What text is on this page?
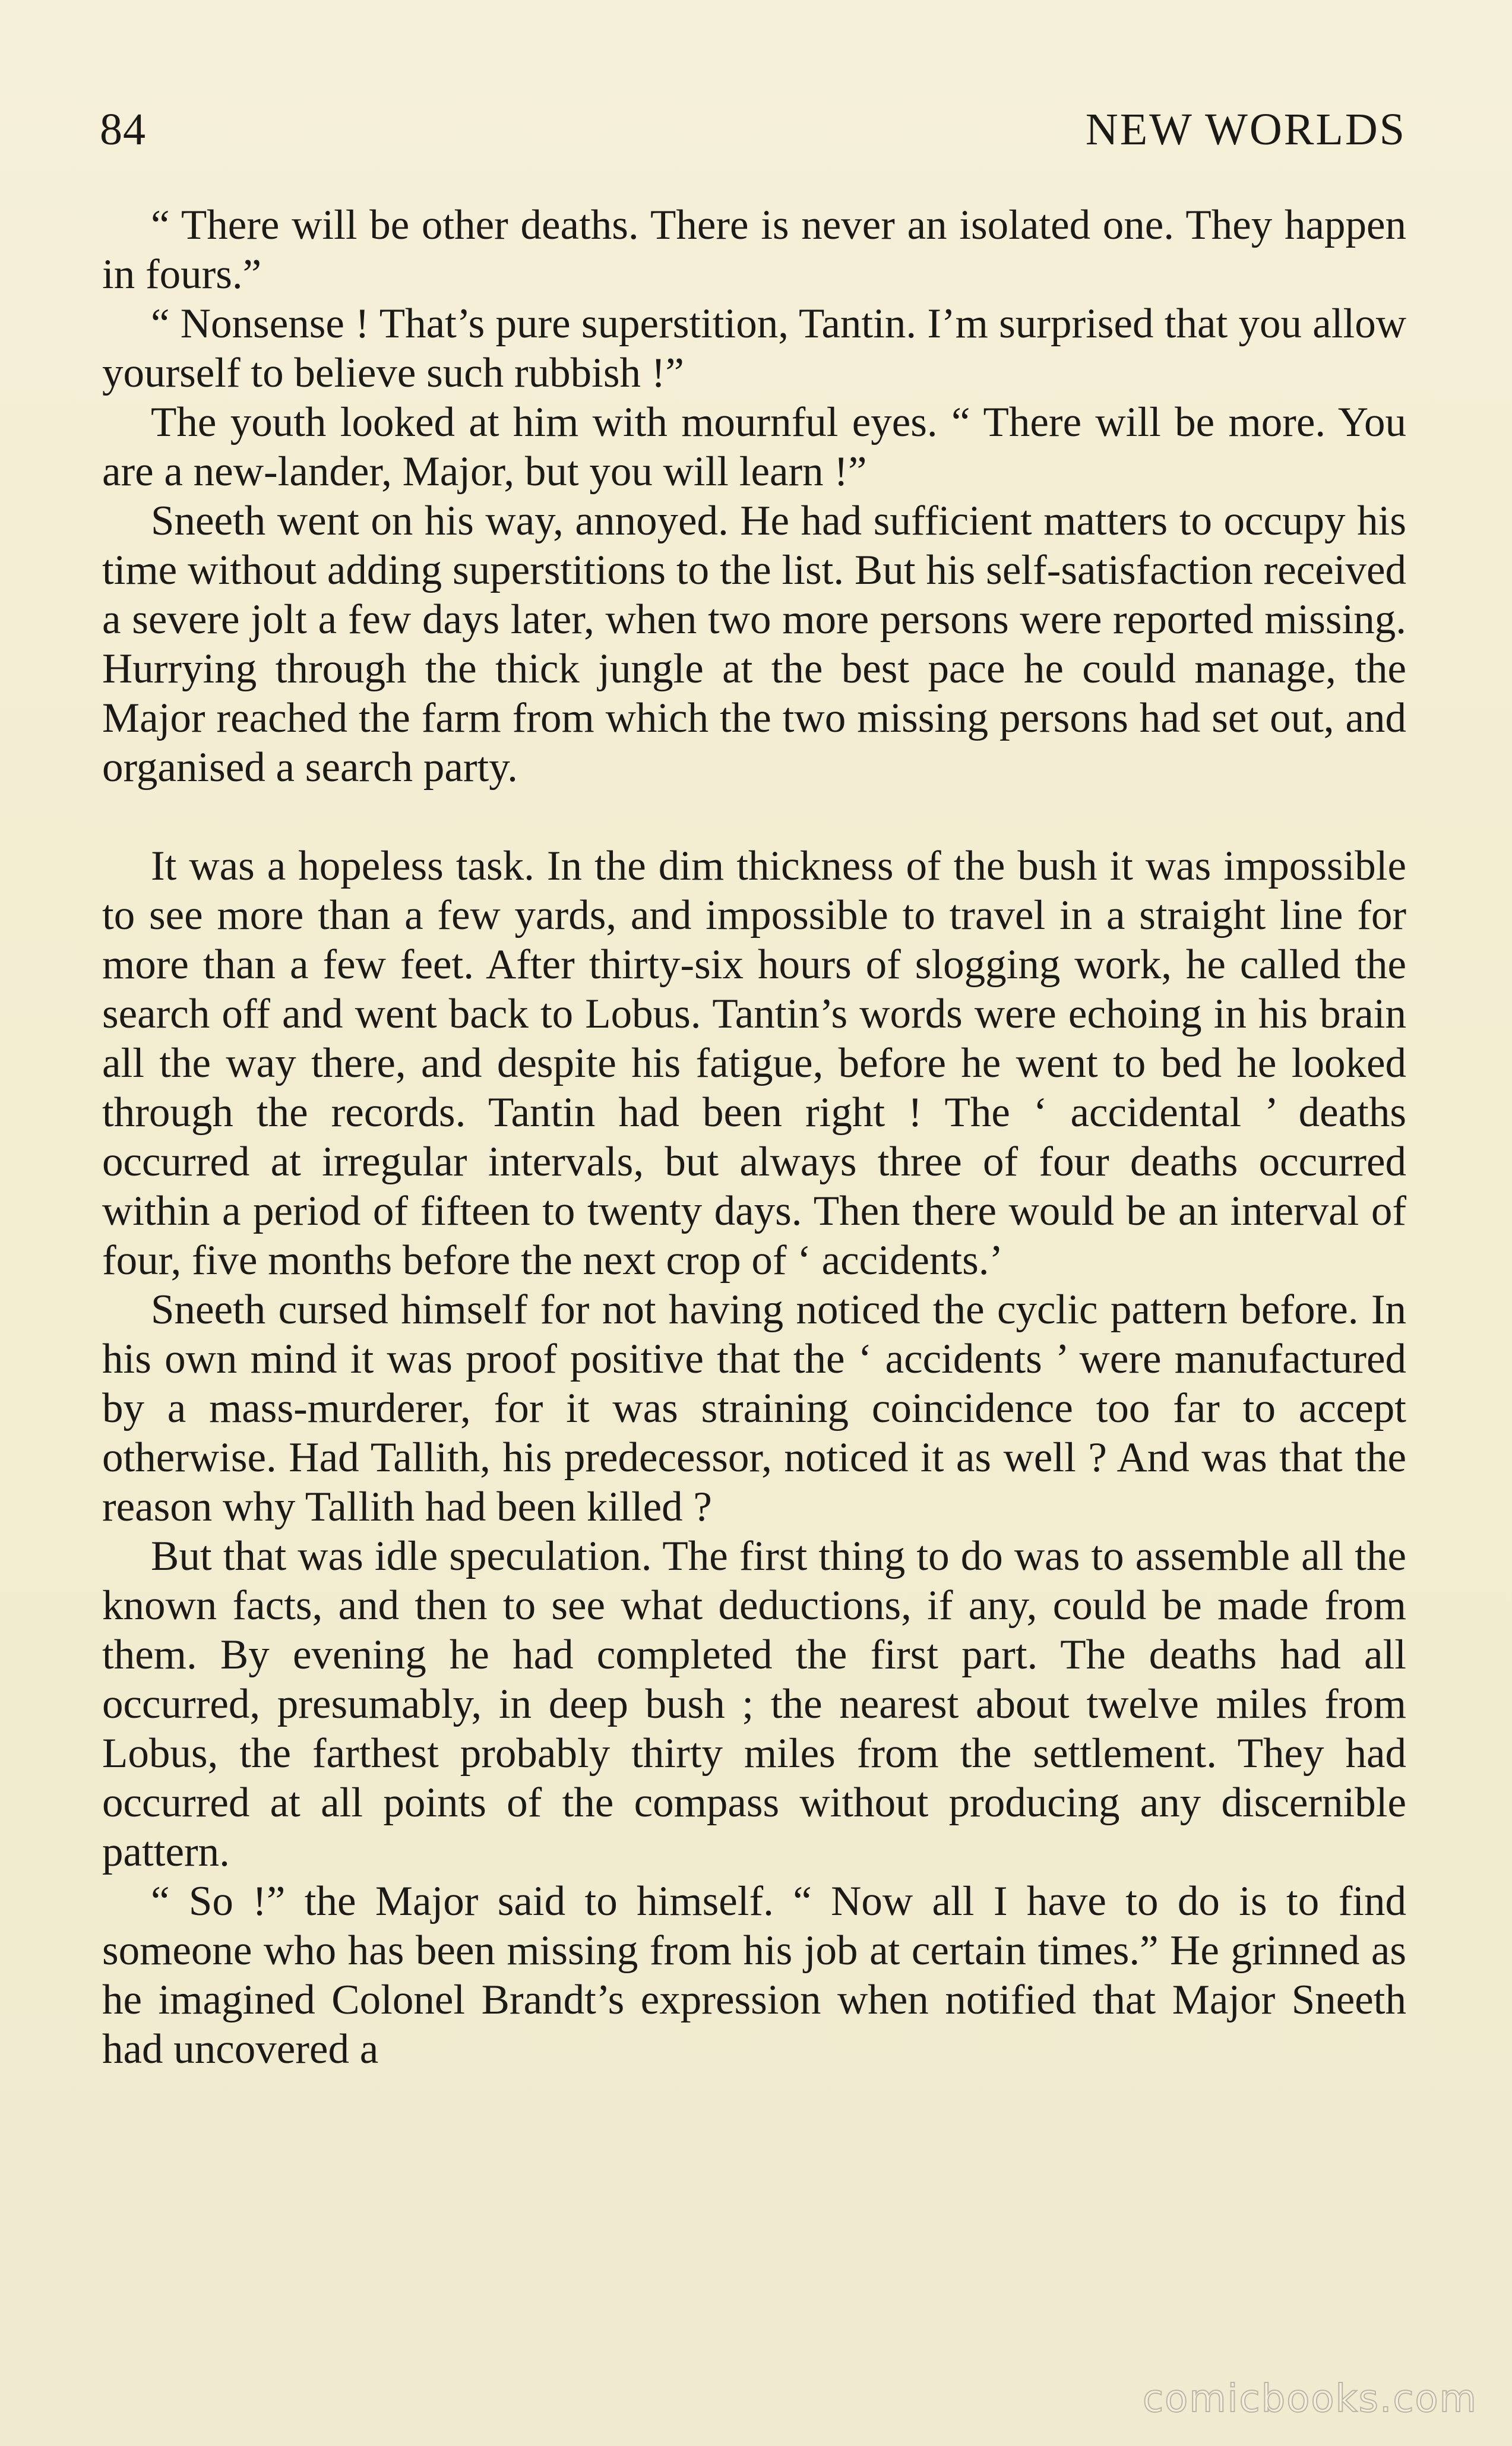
84	NEW WORLDS

“ There will be other deaths. There is never an isolated one. They happen in fours.”

“ Nonsense ! That’s pure superstition, Tantin. I’m surprised that you allow yourself to believe such rubbish !”

The youth looked at him with mournful eyes. “ There will be more. You are a new-lander, Major, but you will learn !”

Sneeth went on his way, annoyed. He had sufficient matters to occupy his time without adding superstitions to the list. But his self-satisfaction received a severe jolt a few days later, when two more persons were reported missing. Hurrying through the thick jungle at the best pace he could manage, the Major reached the farm from which the two missing persons had set out, and organised a search party.

It was a hopeless task. In the dim thickness of the bush it was impossible to see more than a few yards, and impossible to travel in a straight line for more than a few feet. After thirty-six hours of slogging work, he called the search off and went back to Lobus. Tantin’s words were echoing in his brain all the way there, and despite his fatigue, before he went to bed he looked through the records. Tantin had been right ! The ‘ accidental ’ deaths occurred at irregular intervals, but always three of four deaths occurred within a period of fifteen to twenty days. Then there would be an interval of four, five months before the next crop of ‘ accidents.’

Sneeth cursed himself for not having noticed the cyclic pattern before. In his own mind it was proof positive that the ‘ accidents ’ were manufactured by a mass-murderer, for it was straining coincidence too far to accept otherwise. Had Tallith, his predecessor, noticed it as well ? And was that the reason why Tallith had been killed ?

But that was idle speculation. The first thing to do was to assemble all the known facts, and then to see what deductions, if any, could be made from them. By evening he had completed the first part. The deaths had all occurred, presumably, in deep bush ; the nearest about twelve miles from Lobus, the farthest probably thirty miles from the settlement. They had occurred at all points of the compass without producing any discernible pattern.

“ So !” the Major said to himself. “ Now all I have to do is to find someone who has been missing from his job at certain times.” He grinned as he imagined Colonel Brandt’s expression when notified that Major Sneeth had uncovered a

comicbooks.com
